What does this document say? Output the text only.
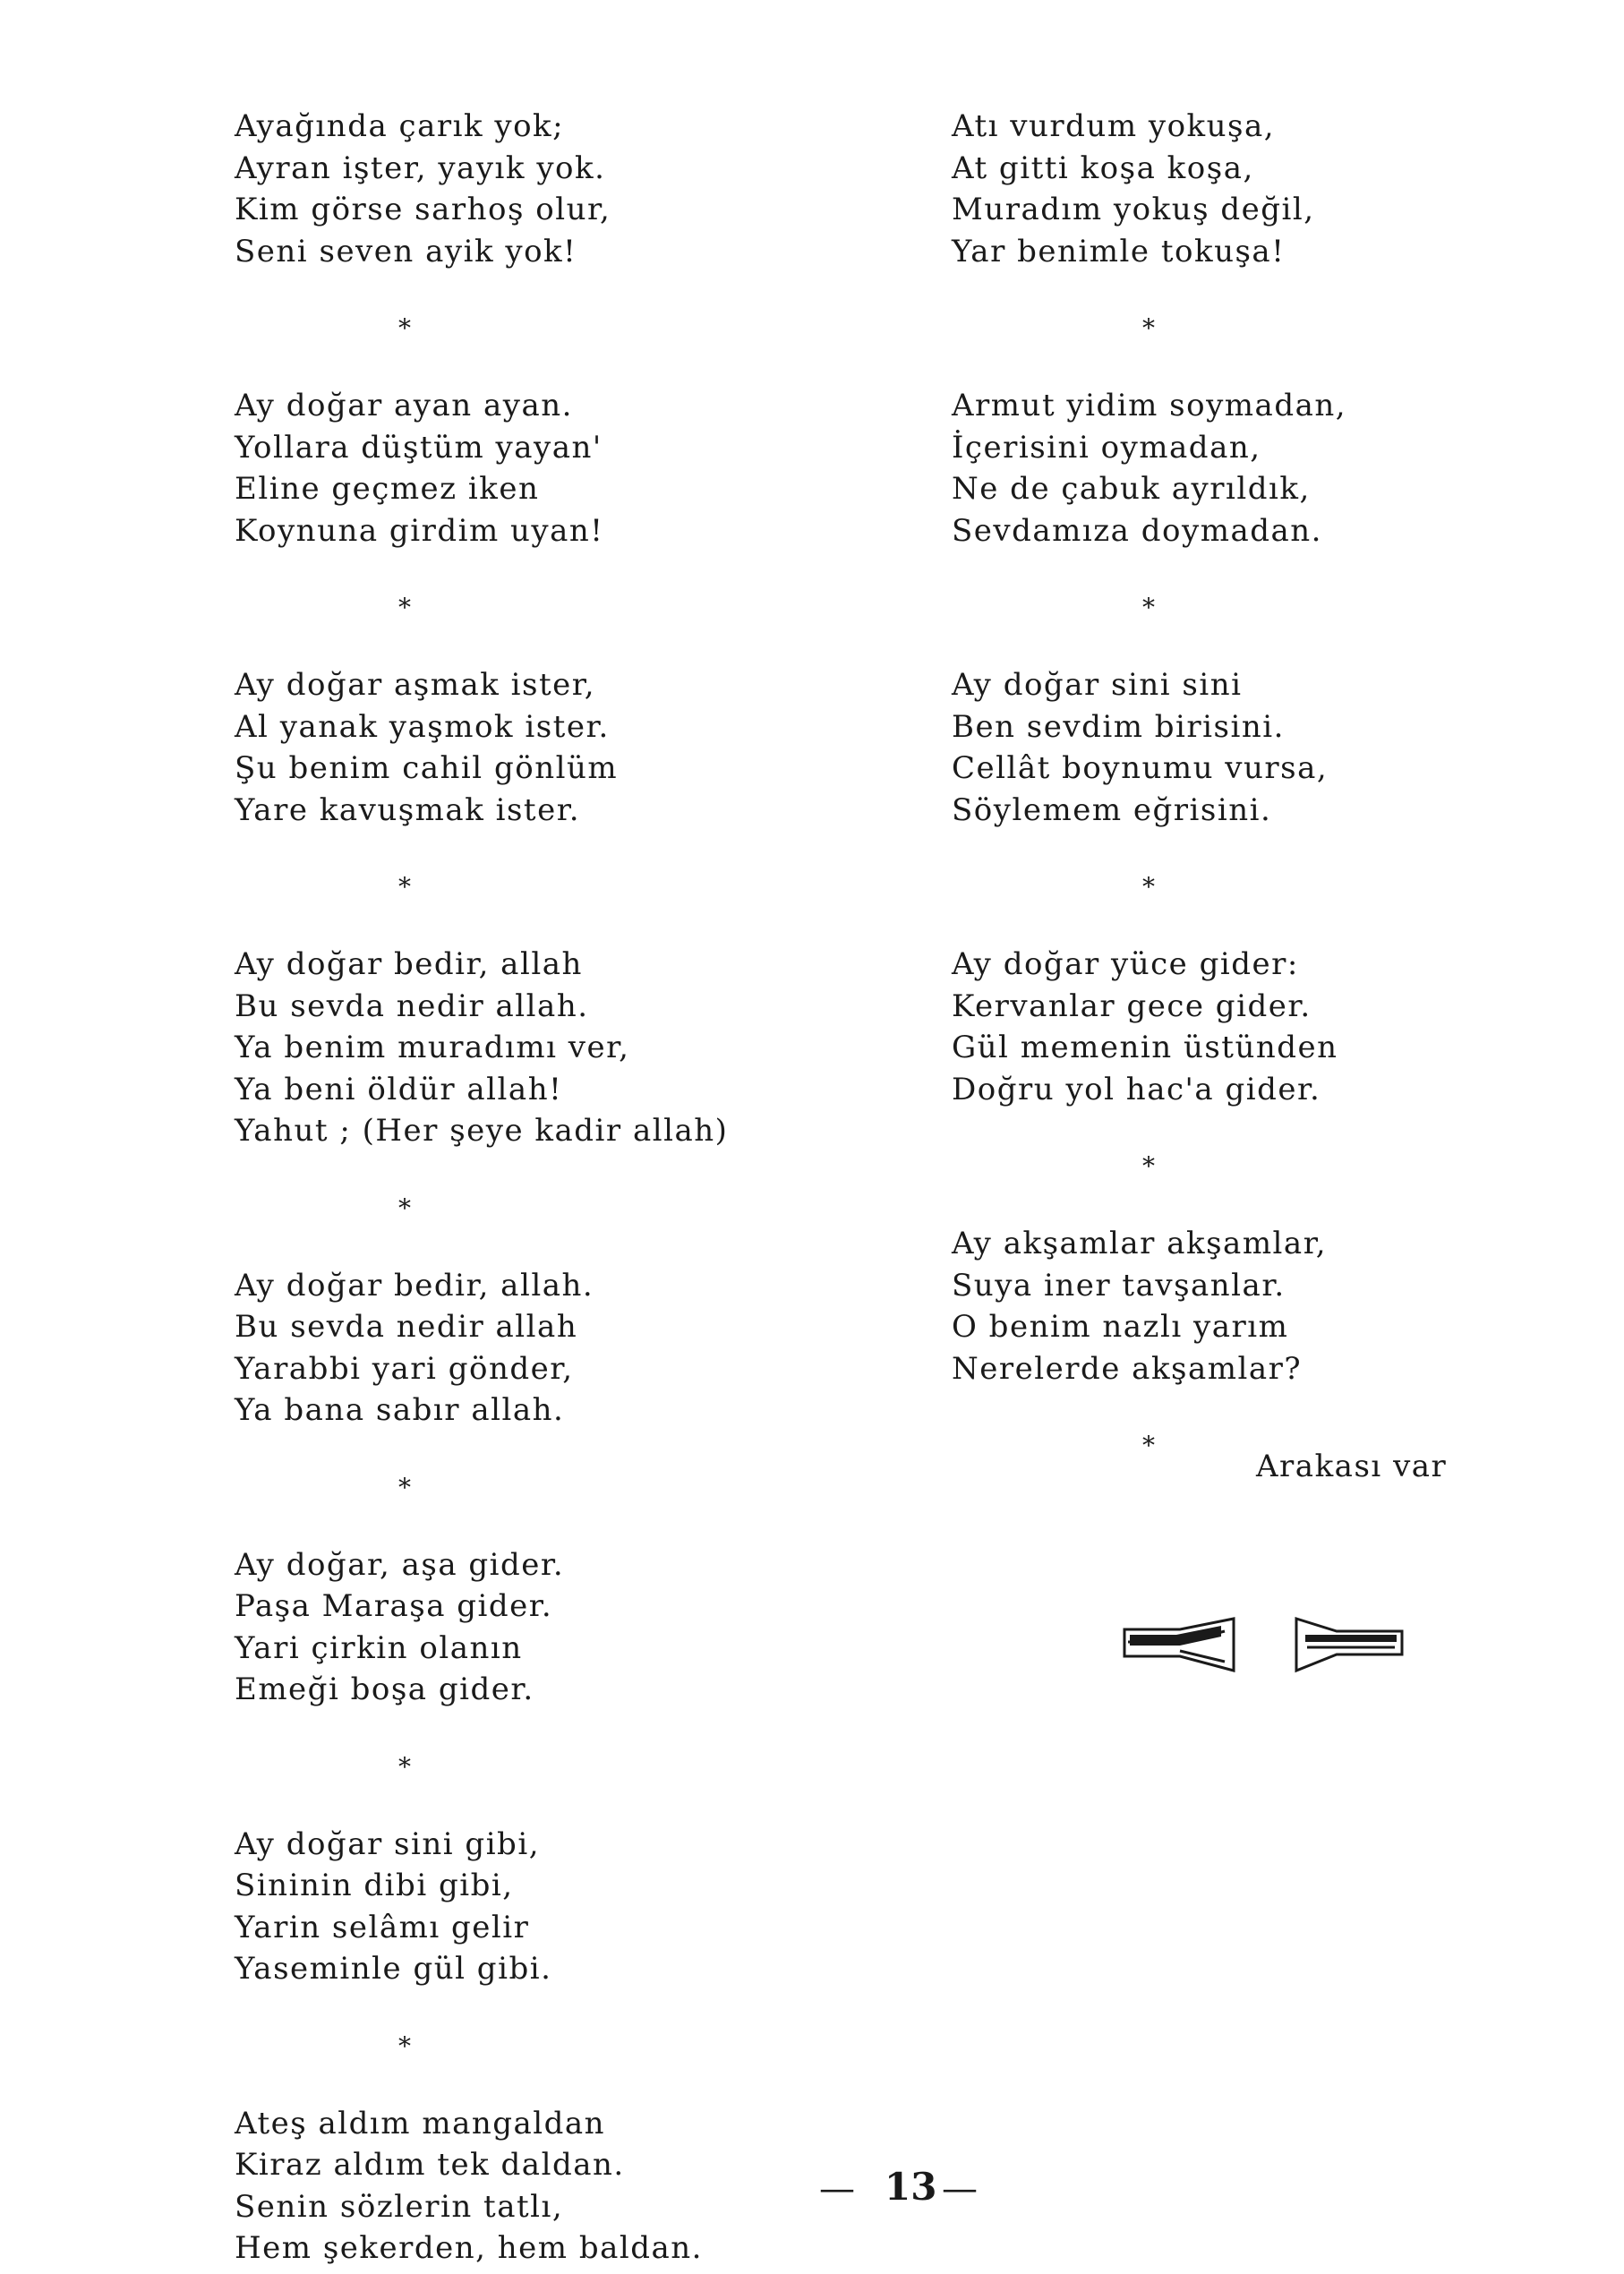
Ayağında çarık yok;
Ayran işter, yayık yok.
Kim görse sarhoş olur,
Seni seven ayik yok!
*
Ay doğar ayan ayan.
Yollara düştüm yayan'
Eline geçmez iken
Koynuna girdim uyan!
*
Ay doğar aşmak ister,
Al yanak yaşmok ister.
Şu benim cahil gönlüm
Yare kavuşmak ister.
*
Ay doğar bedir, allah
Bu sevda nedir allah.
Ya benim muradımı ver,
Ya beni öldür allah!
Yahut ; (Her şeye kadir allah)
*
Ay doğar bedir, allah.
Bu sevda nedir allah
Yarabbi yari gönder,
Ya bana sabır allah.
*
Ay doğar, aşa gider.
Paşa Maraşa gider.
Yari çirkin olanın
Emeği boşa gider.
*
Ay doğar sini gibi,
Sininin dibi gibi,
Yarin selâmı gelir
Yaseminle gül gibi.
*
Ateş aldım mangaldan
Kiraz aldım tek daldan.
Senin sözlerin tatlı,
Hem şekerden, hem baldan.
Atı vurdum yokuşa,
At gitti koşa koşa,
Muradım yokuş değil,
Yar benimle tokuşa!
*
Armut yidim soymadan,
İçerisini oymadan,
Ne de çabuk ayrıldık,
Sevdamıza doymadan.
*
Ay doğar sini sini
Ben sevdim birisini.
Cellât boynumu vursa,
Söylemem eğrisini.
*
Ay doğar yüce gider:
Kervanlar gece gider.
Gül memenin üstünden
Doğru yol hac'a gider.
*
Ay akşamlar akşamlar,
Suya iner tavşanlar.
O benim nazlı yarım
Nerelerde akşamlar?
*
Arakası var
— 13 —
